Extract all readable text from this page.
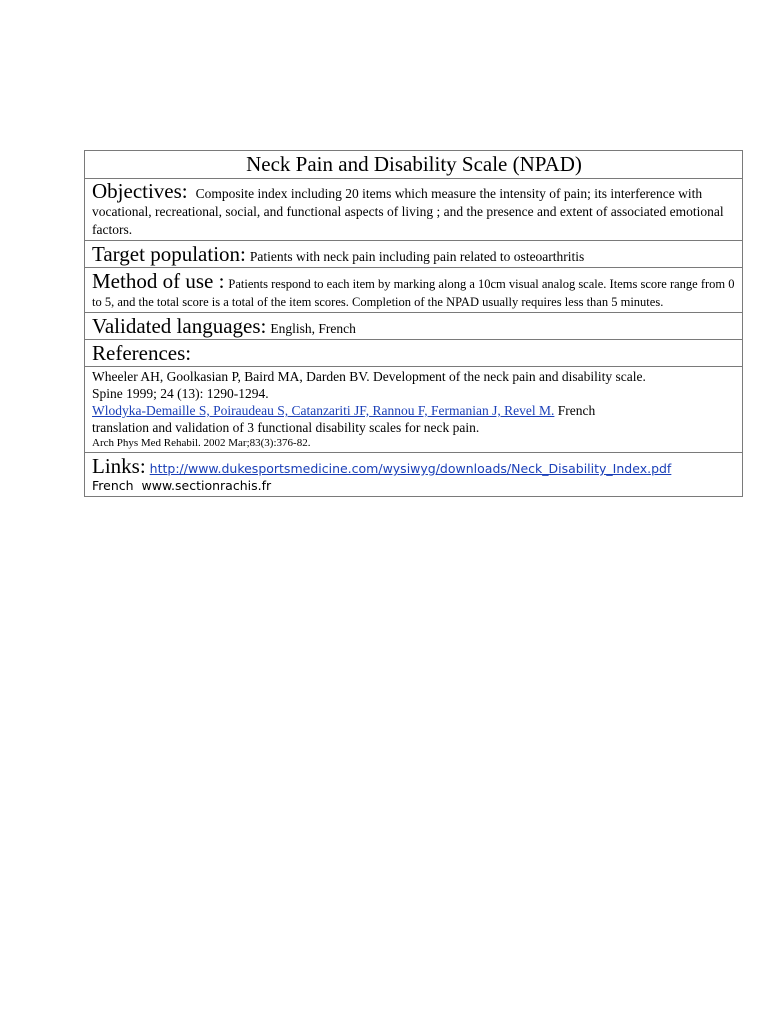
Neck Pain and Disability Scale (NPAD)
Objectives: Composite index including 20 items which measure the intensity of pain; its interference with vocational, recreational, social, and functional aspects of living ; and the presence and extent of associated emotional factors.
Target population: Patients with neck pain including pain related to osteoarthritis
Method of use : Patients respond to each item by marking along a 10cm visual analog scale. Items score range from 0 to 5, and the total score is a total of the item scores. Completion of the NPAD usually requires less than 5 minutes.
Validated languages: English, French
References:

Wheeler AH, Goolkasian P, Baird MA, Darden BV. Development of the neck pain and disability scale.
Spine 1999; 24 (13): 1290-1294.
Wlodyka-Demaille S, Poiraudeau S, Catanzariti JF, Rannou F, Fermanian J, Revel M. French
translation and validation of 3 functional disability scales for neck pain.
Arch Phys Med Rehabil. 2002 Mar;83(3):376-82.

Links: http://www.dukesportsmedicine.com/wysiwyg/downloads/Neck_Disability_Index.pdf
French www.sectionrachis.fr
